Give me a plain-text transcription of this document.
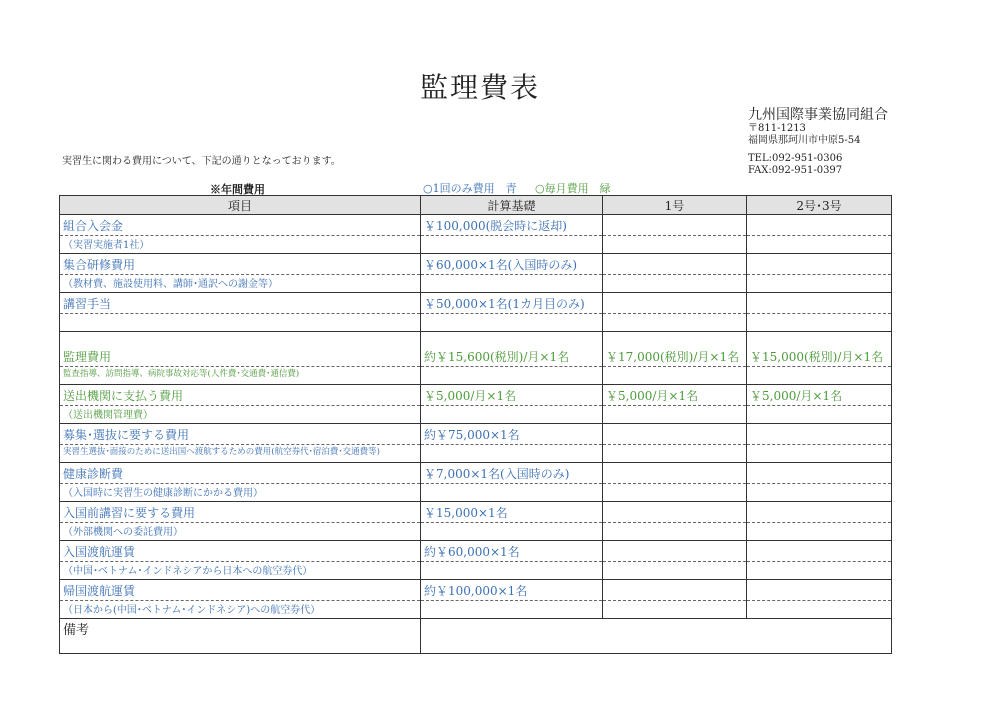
監理費表
九州国際事業協同組合
〒811-1213
福岡県那珂川市中原5-54
TEL:092-951-0306
FAX:092-951-0397
実習生に関わる費用について、下記の通りとなっております。
※年間費用	○1回のみ費用　青 ○毎月費用　緑
項目	計算基礎	1号	2号･3号
組合入会金	￥100,000(脱会時に返却)		
（実習実施者1社）			
集合研修費用	￥60,000×1名(入国時のみ)		
（教材費、施設使用料、講師･通訳への謝金等）			
講習手当	￥50,000×1名(1カ月目のみ)		

監理費用	約￥15,600(税別)/月×1名	￥17,000(税別)/月×1名	￥15,000(税別)/月×1名
監査指導、訪問指導、病院事故対応等(人件費･交通費･通信費)			
送出機関に支払う費用	￥5,000/月×1名	￥5,000/月×1名	￥5,000/月×1名
（送出機関管理費）			
募集･選抜に要する費用	約￥75,000×1名		
実習生選抜･面接のために送出国へ渡航するための費用(航空券代･宿泊費･交通費等)			
健康診断費	￥7,000×1名(入国時のみ)		
（入国時に実習生の健康診断にかかる費用）			
入国前講習に要する費用	￥15,000×1名		
（外部機関への委託費用）			
入国渡航運賃	約￥60,000×1名		
（中国･ベトナム･インドネシアから日本への航空券代）			
帰国渡航運賃	約￥100,000×1名		
（日本から(中国･ベトナム･インドネシア)への航空券代）			
備考			
